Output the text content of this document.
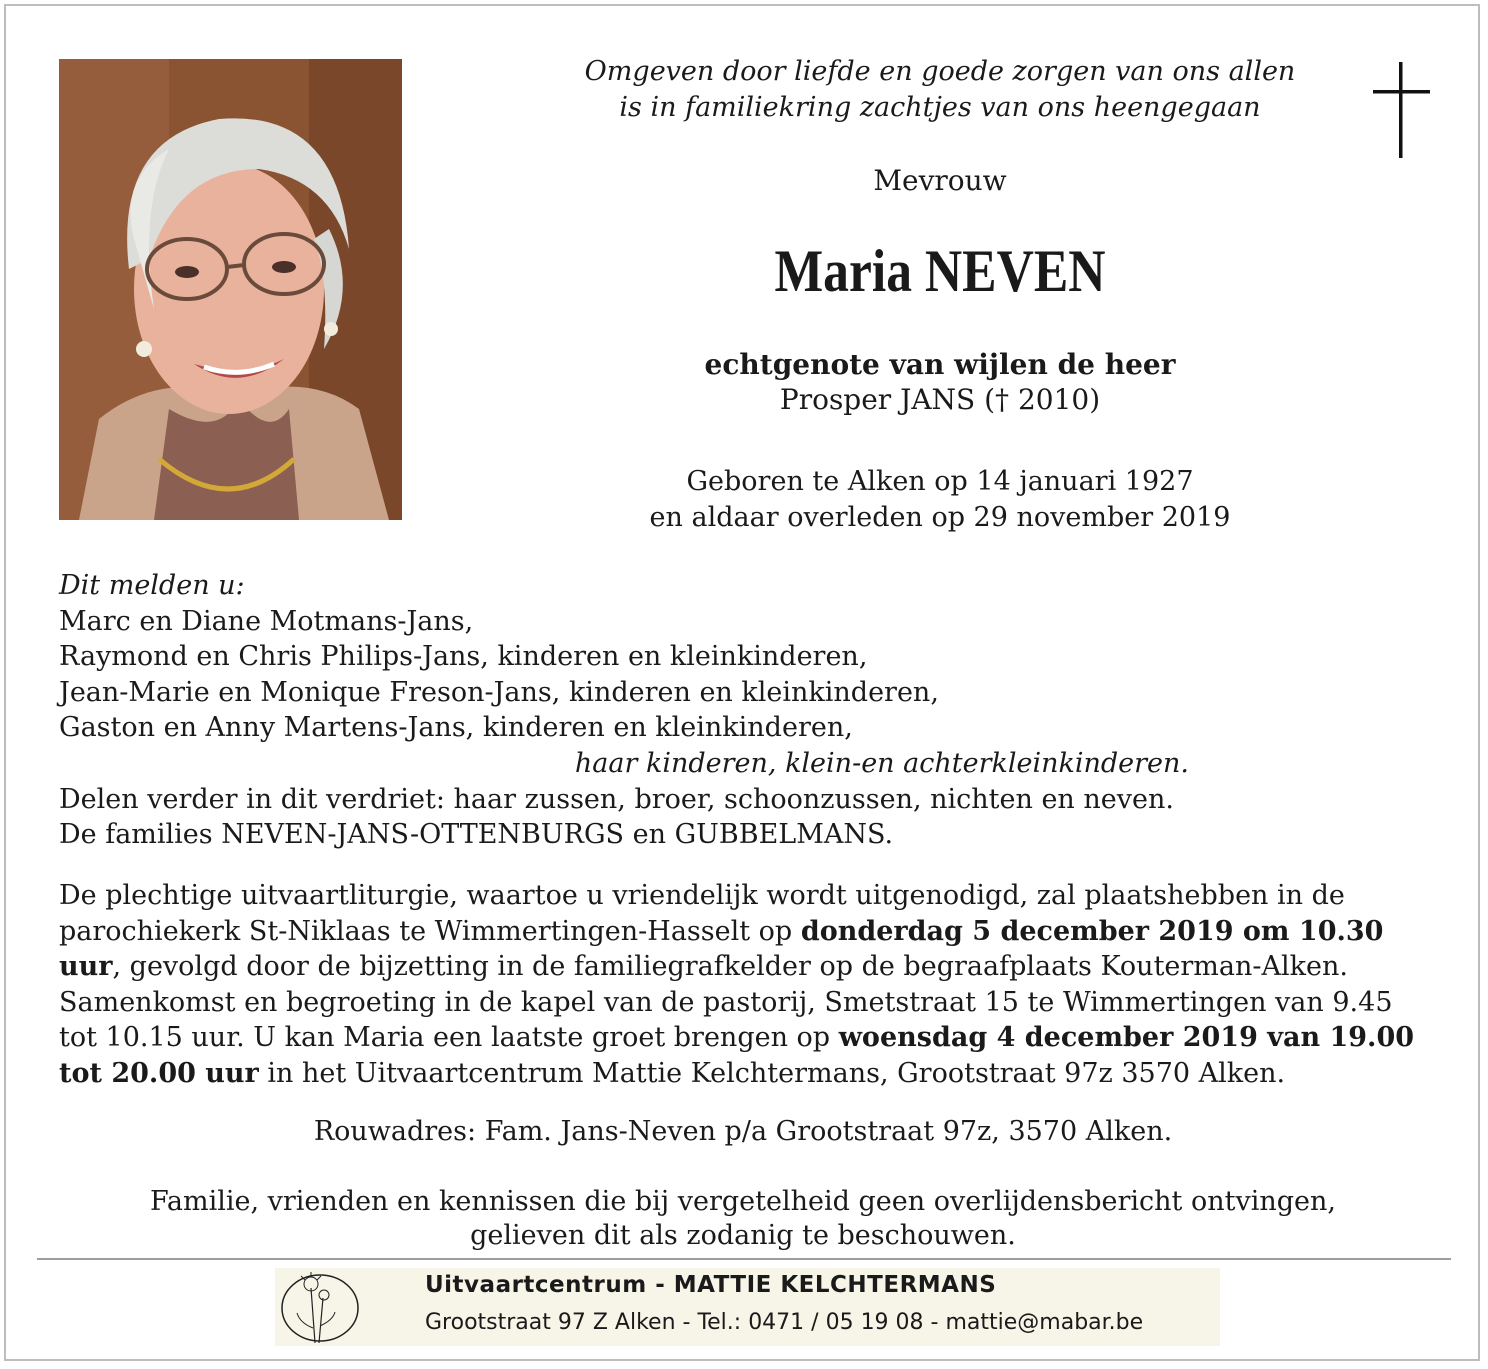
Omgeven door liefde en goede zorgen van ons allen
is in familiekring zachtjes van ons heengegaan
Mevrouw
Maria NEVEN
echtgenote van wijlen de heer
Prosper JANS († 2010)
Geboren te Alken op 14 januari 1927
en aldaar overleden op 29 november 2019
Dit melden u:
Marc en Diane Motmans-Jans,
Raymond en Chris Philips-Jans, kinderen en kleinkinderen,
Jean-Marie en Monique Freson-Jans, kinderen en kleinkinderen,
Gaston en Anny Martens-Jans, kinderen en kleinkinderen,
haar kinderen, klein-en achterkleinkinderen.
Delen verder in dit verdriet: haar zussen, broer, schoonzussen, nichten en neven.
De families NEVEN-JANS-OTTENBURGS en GUBBELMANS.
De plechtige uitvaartliturgie, waartoe u vriendelijk wordt uitgenodigd, zal plaatshebben in de parochiekerk St-Niklaas te Wimmertingen-Hasselt op donderdag 5 december 2019 om 10.30 uur, gevolgd door de bijzetting in de familiegrafkelder op de begraafplaats Kouterman-Alken. Samenkomst en begroeting in de kapel van de pastorij, Smetstraat 15 te Wimmertingen van 9.45 tot 10.15 uur. U kan Maria een laatste groet brengen op woensdag 4 december 2019 van 19.00 tot 20.00 uur in het Uitvaartcentrum Mattie Kelchtermans, Grootstraat 97z 3570 Alken.
Rouwadres: Fam. Jans-Neven p/a Grootstraat 97z, 3570 Alken.
Familie, vrienden en kennissen die bij vergetelheid geen overlijdensbericht ontvingen,
gelieven dit als zodanig te beschouwen.
Uitvaartcentrum - MATTIE KELCHTERMANS
Grootstraat 97 Z Alken - Tel.: 0471 / 05 19 08 - mattie@mabar.be
